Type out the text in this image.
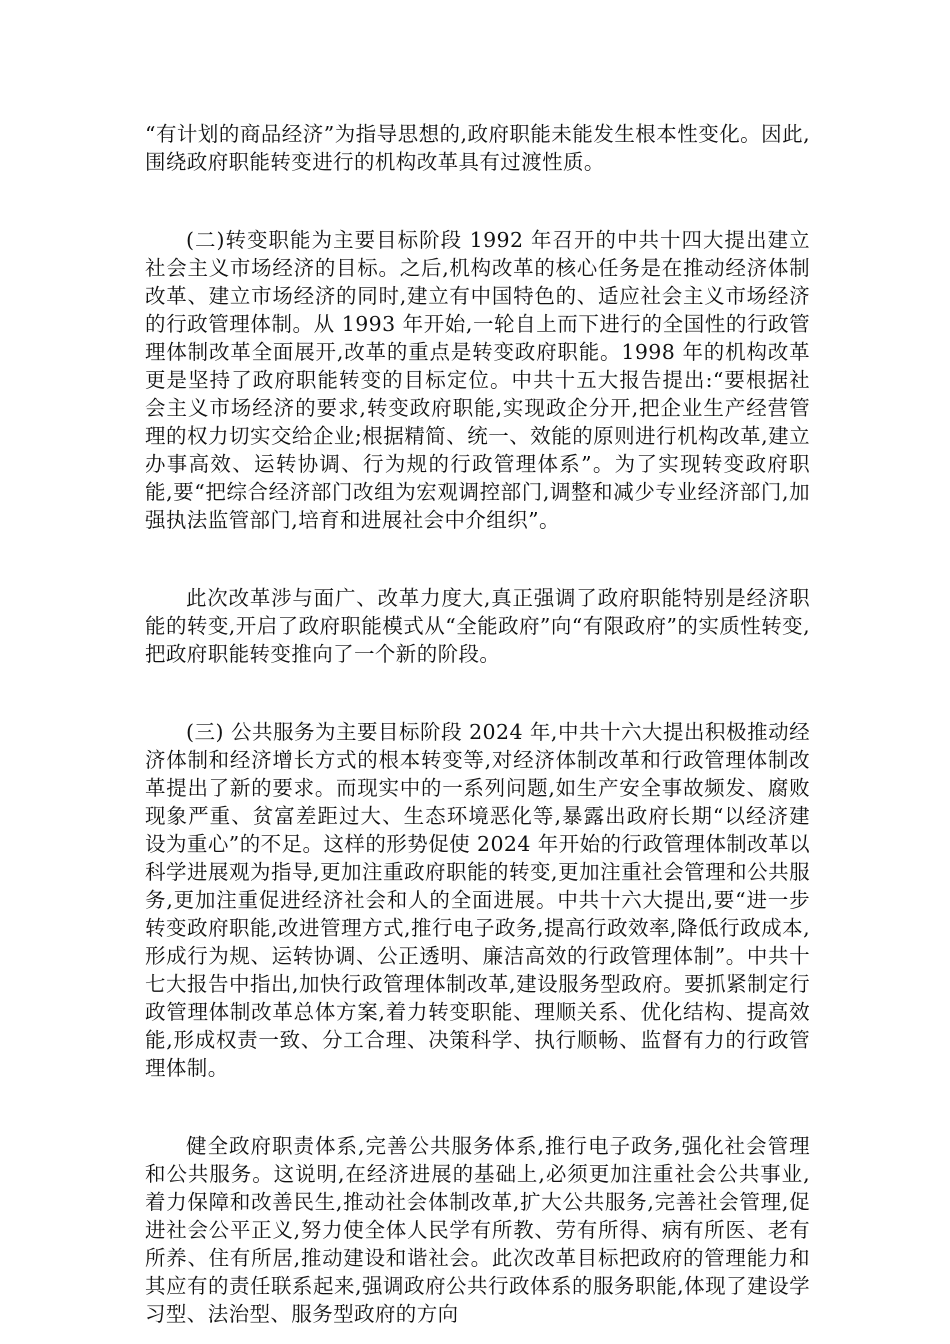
“有计划的商品经济”为指导思想的,政府职能未能发生根本性变化。因此,围绕政府职能转变进行的机构改革具有过渡性质。

(二)转变职能为主要目标阶段 1992 年召开的中共十四大提出建立社会主义市场经济的目标。之后,机构改革的核心任务是在推动经济体制改革、建立市场经济的同时,建立有中国特色的、适应社会主义市场经济的行政管理体制。从 1993 年开始,一轮自上而下进行的全国性的行政管理体制改革全面展开,改革的重点是转变政府职能。1998 年的机构改革更是坚持了政府职能转变的目标定位。中共十五大报告提出:“要根据社会主义市场经济的要求,转变政府职能,实现政企分开,把企业生产经营管理的权力切实交给企业;根据精简、统一、效能的原则进行机构改革,建立办事高效、运转协调、行为规的行政管理体系”。为了实现转变政府职能,要“把综合经济部门改组为宏观调控部门,调整和减少专业经济部门,加强执法监管部门,培育和进展社会中介组织”。

此次改革涉与面广、改革力度大,真正强调了政府职能特别是经济职能的转变,开启了政府职能模式从“全能政府”向“有限政府”的实质性转变,把政府职能转变推向了一个新的阶段。

(三) 公共服务为主要目标阶段 2024 年,中共十六大提出积极推动经济体制和经济增长方式的根本转变等,对经济体制改革和行政管理体制改革提出了新的要求。而现实中的一系列问题,如生产安全事故频发、腐败现象严重、贫富差距过大、生态环境恶化等,暴露出政府长期“以经济建设为重心”的不足。这样的形势促使 2024 年开始的行政管理体制改革以科学进展观为指导,更加注重政府职能的转变,更加注重社会管理和公共服务,更加注重促进经济社会和人的全面进展。中共十六大提出,要“进一步转变政府职能,改进管理方式,推行电子政务,提高行政效率,降低行政成本,形成行为规、运转协调、公正透明、廉洁高效的行政管理体制”。中共十七大报告中指出,加快行政管理体制改革,建设服务型政府。要抓紧制定行政管理体制改革总体方案,着力转变职能、理顺关系、优化结构、提高效能,形成权责一致、分工合理、决策科学、执行顺畅、监督有力的行政管理体制。

健全政府职责体系,完善公共服务体系,推行电子政务,强化社会管理和公共服务。这说明,在经济进展的基础上,必须更加注重社会公共事业,着力保障和改善民生,推动社会体制改革,扩大公共服务,完善社会管理,促进社会公平正义,努力使全体人民学有所教、劳有所得、病有所医、老有所养、住有所居,推动建设和谐社会。此次改革目标把政府的管理能力和其应有的责任联系起来,强调政府公共行政体系的服务职能,体现了建设学习型、法治型、服务型政府的方向
